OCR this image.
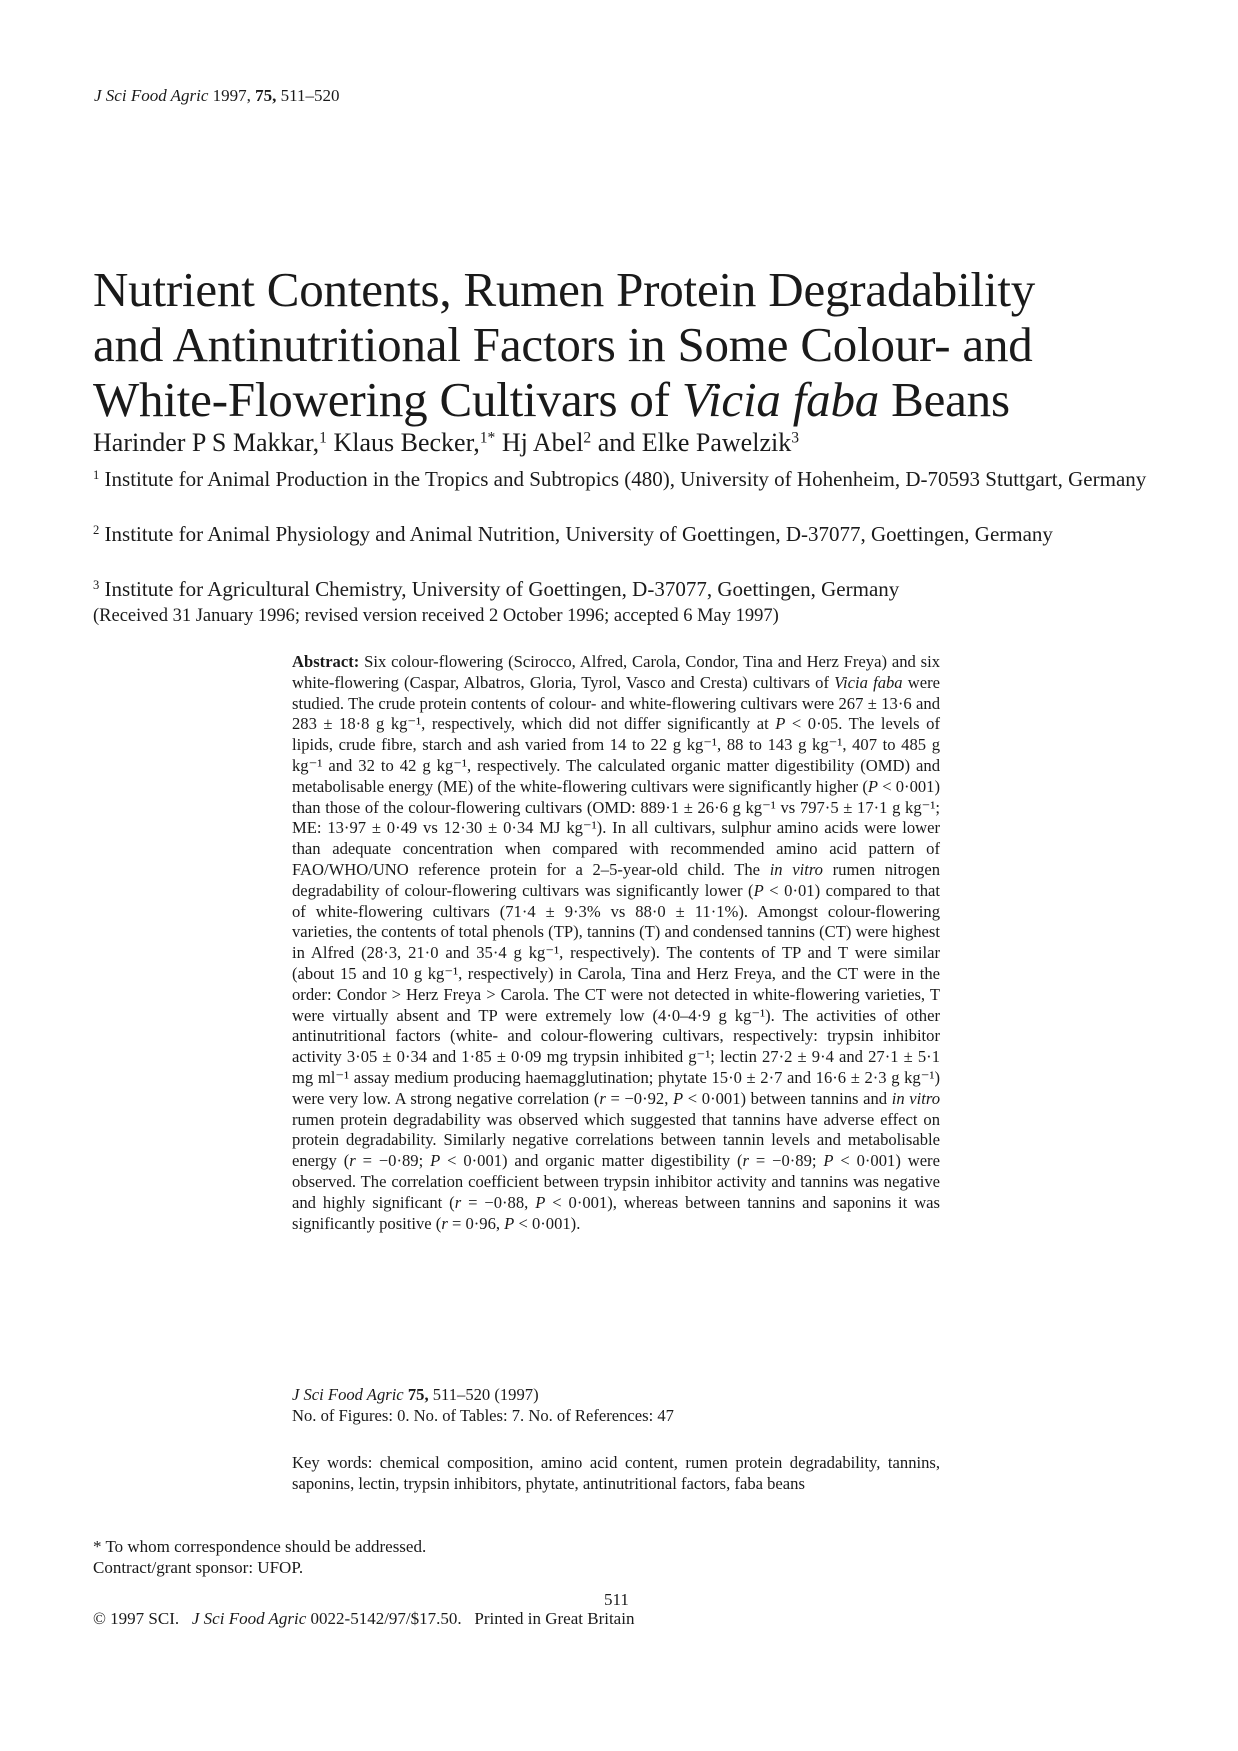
J Sci Food Agric 1997, 75, 511–520
Nutrient Contents, Rumen Protein Degradability
and Antinutritional Factors in Some Colour- and
White-Flowering Cultivars of Vicia faba Beans
Harinder P S Makkar,$^1$ Klaus Becker,$^{1*}$ Hj Abel$^2$ and Elke Pawelzik$^3$
$^1$ Institute for Animal Production in the Tropics and Subtropics (480), University of Hohenheim, D-70593 Stuttgart, Germany
$^2$ Institute for Animal Physiology and Animal Nutrition, University of Goettingen, D-37077, Goettingen, Germany
$^3$ Institute for Agricultural Chemistry, University of Goettingen, D-37077, Goettingen, Germany
(Received 31 January 1996; revised version received 2 October 1996; accepted 6 May 1997)
Abstract: Six colour-flowering (Scirocco, Alfred, Carola, Condor, Tina and Herz Freya) and six white-flowering (Caspar, Albatros, Gloria, Tyrol, Vasco and Cresta) cultivars of Vicia faba were studied. The crude protein contents of colour- and white-flowering cultivars were 267 ± 13·6 and 283 ± 18·8 g kg⁻¹, respectively, which did not differ significantly at P < 0·05. The levels of lipids, crude fibre, starch and ash varied from 14 to 22 g kg⁻¹, 88 to 143 g kg⁻¹, 407 to 485 g kg⁻¹ and 32 to 42 g kg⁻¹, respectively. The calculated organic matter digestibility (OMD) and metabolisable energy (ME) of the white-flowering cultivars were significantly higher (P < 0·001) than those of the colour-flowering cultivars (OMD: 889·1 ± 26·6 g kg⁻¹ vs 797·5 ± 17·1 g kg⁻¹; ME: 13·97 ± 0·49 vs 12·30 ± 0·34 MJ kg⁻¹). In all cultivars, sulphur amino acids were lower than adequate concentration when compared with recommended amino acid pattern of FAO/WHO/UNO reference protein for a 2–5-year-old child. The in vitro rumen nitrogen degradability of colour-flowering cultivars was significantly lower (P < 0·01) compared to that of white-flowering cultivars (71·4 ± 9·3% vs 88·0 ± 11·1%). Amongst colour-flowering varieties, the contents of total phenols (TP), tannins (T) and condensed tannins (CT) were highest in Alfred (28·3, 21·0 and 35·4 g kg⁻¹, respectively). The contents of TP and T were similar (about 15 and 10 g kg⁻¹, respectively) in Carola, Tina and Herz Freya, and the CT were in the order: Condor > Herz Freya > Carola. The CT were not detected in white-flowering varieties, T were virtually absent and TP were extremely low (4·0–4·9 g kg⁻¹). The activities of other antinutritional factors (white- and colour-flowering cultivars, respectively: trypsin inhibitor activity 3·05 ± 0·34 and 1·85 ± 0·09 mg trypsin inhibited g⁻¹; lectin 27·2 ± 9·4 and 27·1 ± 5·1 mg ml⁻¹ assay medium producing haemagglutination; phytate 15·0 ± 2·7 and 16·6 ± 2·3 g kg⁻¹) were very low. A strong negative correlation (r = −0·92, P < 0·001) between tannins and in vitro rumen protein degradability was observed which suggested that tannins have adverse effect on protein degradability. Similarly negative correlations between tannin levels and metabolisable energy (r = −0·89; P < 0·001) and organic matter digestibility (r = −0·89; P < 0·001) were observed. The correlation coefficient between trypsin inhibitor activity and tannins was negative and highly significant (r = −0·88, P < 0·001), whereas between tannins and saponins it was significantly positive (r = 0·96, P < 0·001).
J Sci Food Agric 75, 511–520 (1997)
No. of Figures: 0. No. of Tables: 7. No. of References: 47
Key words: chemical composition, amino acid content, rumen protein degradability, tannins, saponins, lectin, trypsin inhibitors, phytate, antinutritional factors, faba beans
* To whom correspondence should be addressed.
Contract/grant sponsor: UFOP.
511
© 1997 SCI. J Sci Food Agric 0022-5142/97/$17.50. Printed in Great Britain
